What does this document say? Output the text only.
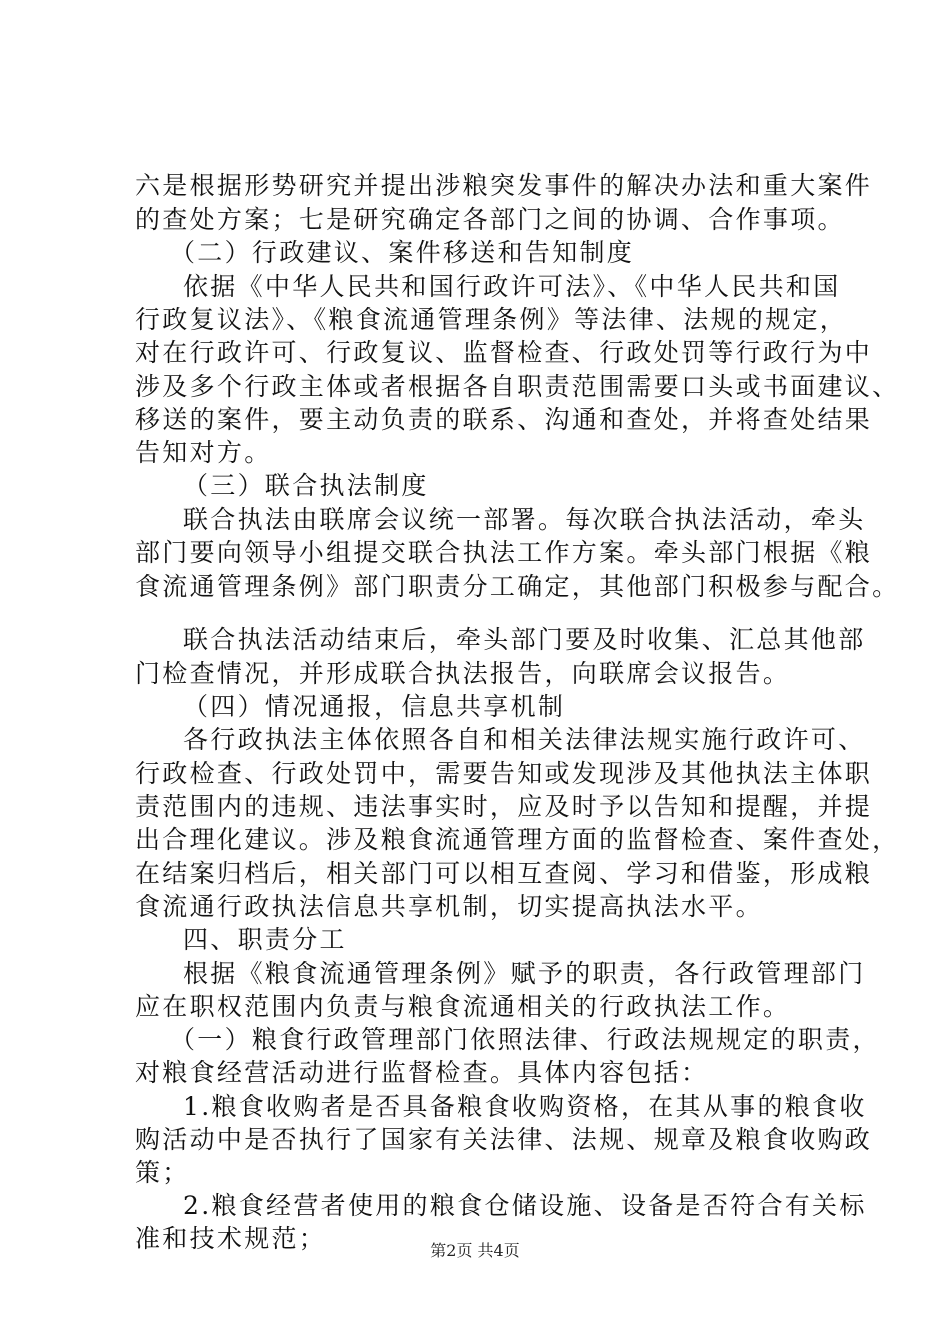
六是根据形势研究并提出涉粮突发事件的解决办法和重大案件
的查处方案；七是研究确定各部门之间的协调、合作事项。
（二）行政建议、案件移送和告知制度
依据《中华人民共和国行政许可法》、《中华人民共和国
行政复议法》、《粮食流通管理条例》等法律、法规的规定，
对在行政许可、行政复议、监督检查、行政处罚等行政行为中
涉及多个行政主体或者根据各自职责范围需要口头或书面建议、
移送的案件，要主动负责的联系、沟通和查处，并将查处结果
告知对方。
（三）联合执法制度
联合执法由联席会议统一部署。每次联合执法活动，牵头
部门要向领导小组提交联合执法工作方案。牵头部门根据《粮
食流通管理条例》部门职责分工确定，其他部门积极参与配合。
联合执法活动结束后，牵头部门要及时收集、汇总其他部
门检查情况，并形成联合执法报告，向联席会议报告。
（四）情况通报，信息共享机制
各行政执法主体依照各自和相关法律法规实施行政许可、
行政检查、行政处罚中，需要告知或发现涉及其他执法主体职
责范围内的违规、违法事实时，应及时予以告知和提醒，并提
出合理化建议。涉及粮食流通管理方面的监督检查、案件查处，
在结案归档后，相关部门可以相互查阅、学习和借鉴，形成粮
食流通行政执法信息共享机制，切实提高执法水平。
四、职责分工
根据《粮食流通管理条例》赋予的职责，各行政管理部门
应在职权范围内负责与粮食流通相关的行政执法工作。
（一）粮食行政管理部门依照法律、行政法规规定的职责，
对粮食经营活动进行监督检查。具体内容包括：
1.粮食收购者是否具备粮食收购资格，在其从事的粮食收
购活动中是否执行了国家有关法律、法规、规章及粮食收购政
策；
2.粮食经营者使用的粮食仓储设施、设备是否符合有关标
准和技术规范；	第2页 共4页
